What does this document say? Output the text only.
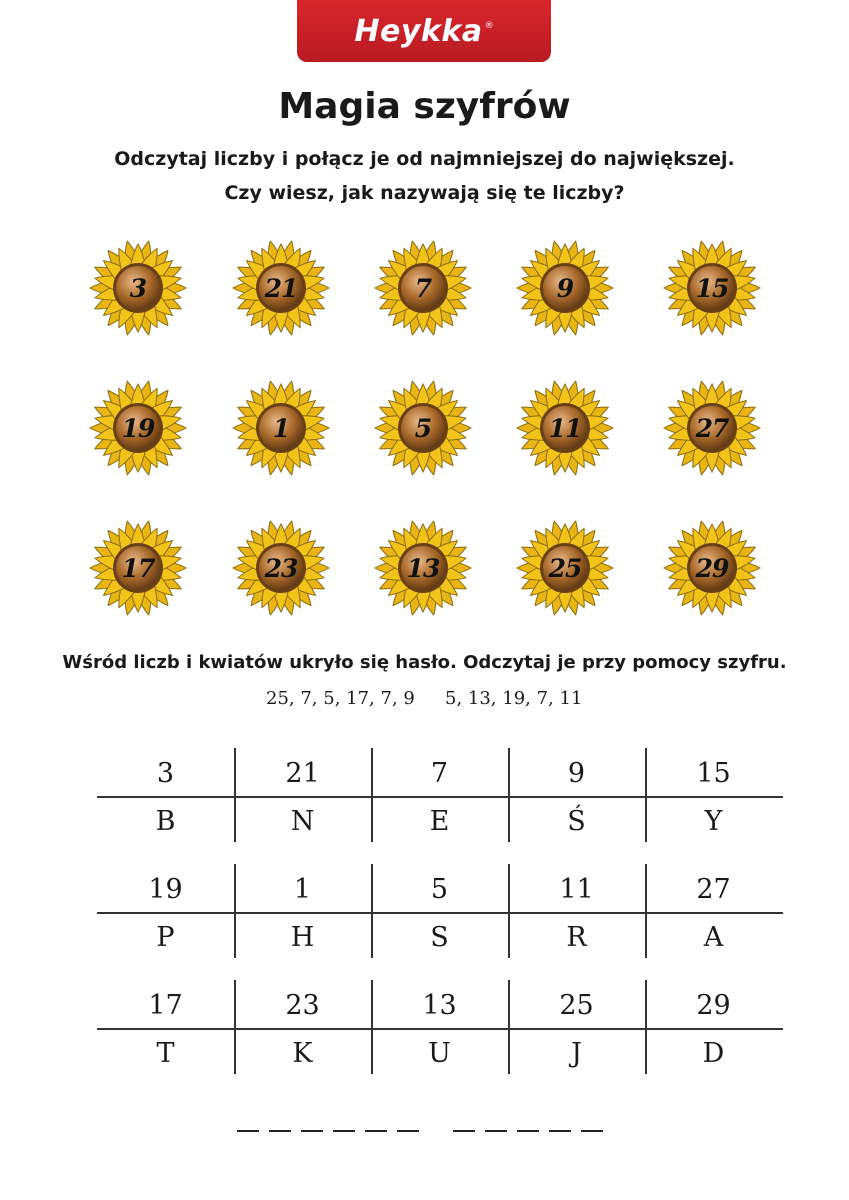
Heykka ®
Magia szyfrów
Odczytaj liczby i połącz je od najmniejszej do największej.
Czy wiesz, jak nazywają się te liczby?
3	21	7	9	15
19	1	5	11	27
17	23	13	25	29
Wśród liczb i kwiatów ukryło się hasło. Odczytaj je przy pomocy szyfru.
25, 7, 5, 17, 7, 9 5, 13, 19, 7, 11
3	21	7	9	15
B	N	E	Ś	Y
19	1	5	11	27
P	H	S	R	A
17	23	13	25	29
T	K	U	J	D
